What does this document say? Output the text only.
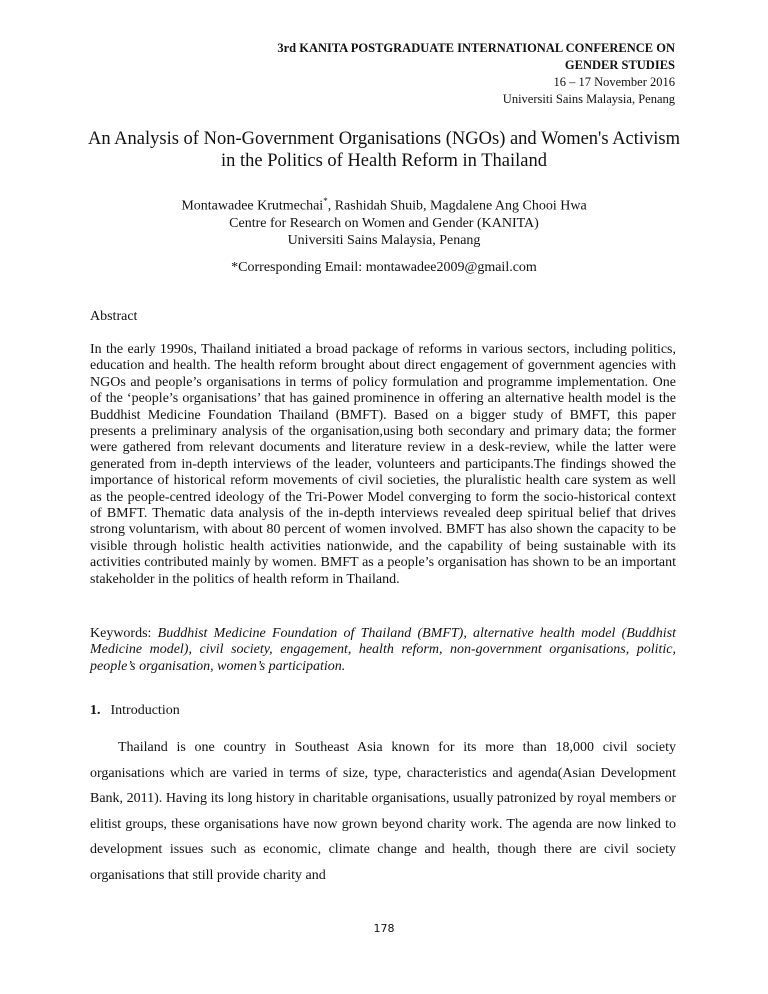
3rd KANITA POSTGRADUATE INTERNATIONAL CONFERENCE ON
GENDER STUDIES
16 – 17 November 2016
Universiti Sains Malaysia, Penang
An Analysis of Non-Government Organisations (NGOs) and Women's Activism
in the Politics of Health Reform in Thailand
Montawadee Krutmechai*, Rashidah Shuib, Magdalene Ang Chooi Hwa
Centre for Research on Women and Gender (KANITA)
Universiti Sains Malaysia, Penang
*Corresponding Email: montawadee2009@gmail.com
Abstract

In the early 1990s, Thailand initiated a broad package of reforms in various sectors, including politics, education and health. The health reform brought about direct engagement of government agencies with NGOs and people’s organisations in terms of policy formulation and programme implementation. One of the ‘people’s organisations’ that has gained prominence in offering an alternative health model is the Buddhist Medicine Foundation Thailand (BMFT). Based on a bigger study of BMFT, this paper presents a preliminary analysis of the organisation,using both secondary and primary data; the former were gathered from relevant documents and literature review in a desk-review, while the latter were generated from in-depth interviews of the leader, volunteers and participants.The findings showed the importance of historical reform movements of civil societies, the pluralistic health care system as well as the people-centred ideology of the Tri-Power Model converging to form the socio-historical context of BMFT. Thematic data analysis of the in-depth interviews revealed deep spiritual belief that drives strong voluntarism, with about 80 percent of women involved. BMFT has also shown the capacity to be visible through holistic health activities nationwide, and the capability of being sustainable with its activities contributed mainly by women. BMFT as a people’s organisation has shown to be an important stakeholder in the politics of health reform in Thailand.

Keywords: Buddhist Medicine Foundation of Thailand (BMFT), alternative health model (Buddhist Medicine model), civil society, engagement, health reform, non-government organisations, politic, people’s organisation, women’s participation.
1. Introduction

Thailand is one country in Southeast Asia known for its more than 18,000 civil society organisations which are varied in terms of size, type, characteristics and agenda(Asian Development Bank, 2011). Having its long history in charitable organisations, usually patronized by royal members or elitist groups, these organisations have now grown beyond charity work. The agenda are now linked to development issues such as economic, climate change and health, though there are civil society organisations that still provide charity and

178
